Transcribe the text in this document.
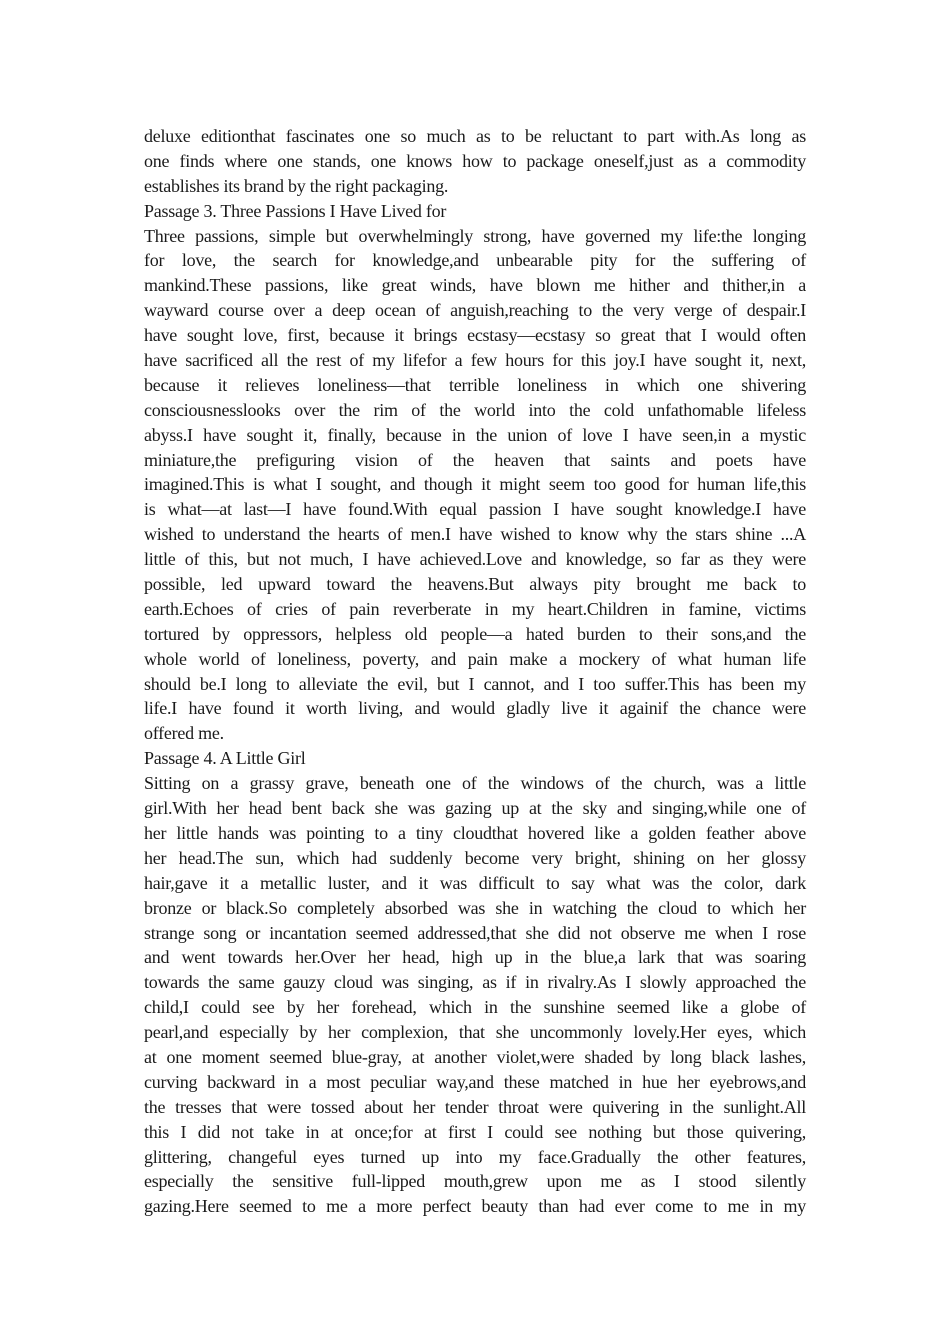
deluxe editionthat fascinates one so much as to be reluctant to part with.As long as
one finds where one stands, one knows how to package oneself,just as a commodity
establishes its brand by the right packaging.
Passage 3. Three Passions I Have Lived for
Three passions, simple but overwhelmingly strong, have governed my life:the longing
for love, the search for knowledge,and unbearable pity for the suffering of
mankind.These passions, like great winds, have blown me hither and thither,in a
wayward course over a deep ocean of anguish,reaching to the very verge of despair.I
have sought love, first, because it brings ecstasy—ecstasy so great that I would often
have sacrificed all the rest of my lifefor a few hours for this joy.I have sought it, next,
because it relieves loneliness—that terrible loneliness in which one shivering
consciousnesslooks over the rim of the world into the cold unfathomable lifeless
abyss.I have sought it, finally, because in the union of love I have seen,in a mystic
miniature,the prefiguring vision of the heaven that saints and poets have
imagined.This is what I sought, and though it might seem too good for human life,this
is what—at last—I have found.With equal passion I have sought knowledge.I have
wished to understand the hearts of men.I have wished to know why the stars shine ...A
little of this, but not much, I have achieved.Love and knowledge, so far as they were
possible, led upward toward the heavens.But always pity brought me back to
earth.Echoes of cries of pain reverberate in my heart.Children in famine, victims
tortured by oppressors, helpless old people—a hated burden to their sons,and the
whole world of loneliness, poverty, and pain make a mockery of what human life
should be.I long to alleviate the evil, but I cannot, and I too suffer.This has been my
life.I have found it worth living, and would gladly live it againif the chance were
offered me.
Passage 4. A Little Girl
Sitting on a grassy grave, beneath one of the windows of the church, was a little
girl.With her head bent back she was gazing up at the sky and singing,while one of
her little hands was pointing to a tiny cloudthat hovered like a golden feather above
her head.The sun, which had suddenly become very bright, shining on her glossy
hair,gave it a metallic luster, and it was difficult to say what was the color, dark
bronze or black.So completely absorbed was she in watching the cloud to which her
strange song or incantation seemed addressed,that she did not observe me when I rose
and went towards her.Over her head, high up in the blue,a lark that was soaring
towards the same gauzy cloud was singing, as if in rivalry.As I slowly approached the
child,I could see by her forehead, which in the sunshine seemed like a globe of
pearl,and especially by her complexion, that she uncommonly lovely.Her eyes, which
at one moment seemed blue-gray, at another violet,were shaded by long black lashes,
curving backward in a most peculiar way,and these matched in hue her eyebrows,and
the tresses that were tossed about her tender throat were quivering in the sunlight.All
this I did not take in at once;for at first I could see nothing but those quivering,
glittering, changeful eyes turned up into my face.Gradually the other features,
especially the sensitive full-lipped mouth,grew upon me as I stood silently
gazing.Here seemed to me a more perfect beauty than had ever come to me in my
